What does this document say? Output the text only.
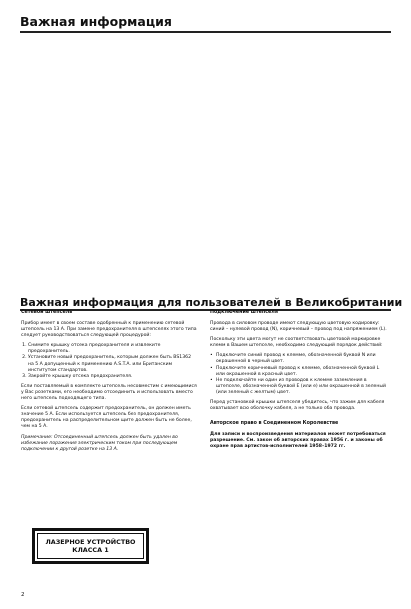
Важная информация
Важная информация для пользователей в Великобритании
Сетевой штепсель

Прибор имеет в своем составе одобренный к применению сетевой штепсель на 13 А. При замене предохранителя в штепселях этого типа следует руководствоваться следующей процедурой:

1. Снимите крышку отсека предохранителя и извлеките предохранитель.
2. Установите новый предохранитель, которым должен быть BS1362 на 5 А допущенный к применению A.S.T.A. или Британским институтом стандартов.
3. Закройте крышку отсека предохранителя.

Если поставляемый в комплекте штепсель несовместим с имеющимися у Вас розетками, его необходимо отсоединить и использовать вместо него штепсель подходящего типа.

Если сетевой штепсель содержит предохранитель, он должен иметь значение 5 А. Если используется штепсель без предохранителя, предохранитель на распределительном щите должен быть не более, чем на 5 А.

Примечание: Отсоединенный штепсель должен быть удален во избежание поражения электрическим током при последующем подключении к другой розетке на 13 А.

ЛАЗЕРНОЕ УСТРОЙСТВО
КЛАССА 1
Подключение штепселя

Провода в силовом проводе имеют следующую цветовую кодировку: синий – нулевой провод (N), коричневый – провод под напряжением (L).

Поскольку эти цвета могут не соответствовать цветовой маркировке клемм в Вашем штепселе, необходимо следующий порядок действий:

• Подключите синий провод к клемме, обозначенной буквой N или окрашенной в черный цвет.
• Подключите коричневый провод к клемме, обозначенной буквой L или окрашенной в красный цвет.
• Не подключайте ни один из проводов к клемме заземления в штепселе, обозначенной буквой E (или е) или окрашенной в зеленый (или зеленый с желтым) цвет.

Перед установкой крышки штепселя убедитесь, что зажим для кабеля охватывает всю оболочку кабеля, а не только оба провода.

Авторское право в Соединенном Королевстве

Для записи и воспроизведения материалов может потребоваться разрешение. См. закон об авторских правах 1956 г. и законы об охране прав артистов-исполнителей 1958–1972 гг.

2
